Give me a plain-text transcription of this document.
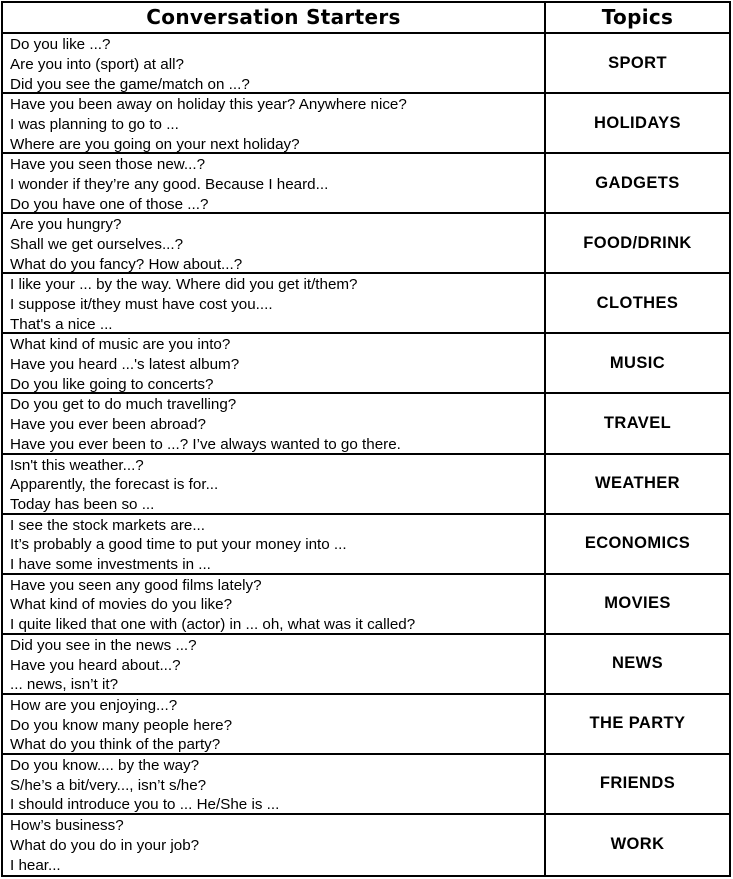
Conversation Starters	Topics
Do you like ...?
Are you into (sport) at all?
Did you see the game/match on ...?
SPORT
Have you been away on holiday this year? Anywhere nice?
I was planning to go to ...
Where are you going on your next holiday?
HOLIDAYS
Have you seen those new...?
I wonder if they’re any good. Because I heard...
Do you have one of those ...?
GADGETS
Are you hungry?
Shall we get ourselves...?
What do you fancy? How about...?
FOOD/DRINK
I like your ... by the way. Where did you get it/them?
I suppose it/they must have cost you....
That's a nice ...
CLOTHES
What kind of music are you into?
Have you heard ...'s latest album?
Do you like going to concerts?
MUSIC
Do you get to do much travelling?
Have you ever been abroad?
Have you ever been to ...? I’ve always wanted to go there.
TRAVEL
Isn't this weather...?
Apparently, the forecast is for...
Today has been so ...
WEATHER
I see the stock markets are...
It’s probably a good time to put your money into ...
I have some investments in ...
ECONOMICS
Have you seen any good films lately?
What kind of movies do you like?
I quite liked that one with (actor) in ... oh, what was it called?
MOVIES
Did you see in the news ...?
Have you heard about...?
... news, isn’t it?
NEWS
How are you enjoying...?
Do you know many people here?
What do you think of the party?
THE PARTY
Do you know.... by the way?
S/he’s a bit/very..., isn’t s/he?
I should introduce you to ... He/She is ...
FRIENDS
How’s business?
What do you do in your job?
I hear...
WORK
